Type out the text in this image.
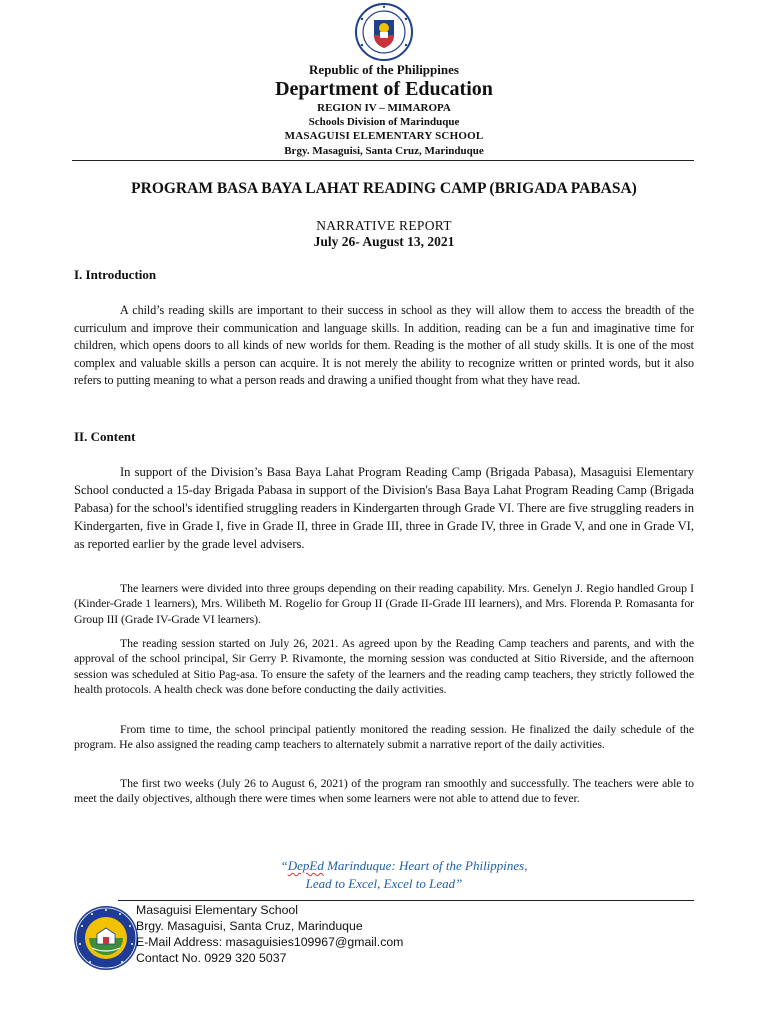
Republic of the Philippines
Department of Education
REGION IV – MIMAROPA
Schools Division of Marinduque
MASAGUISI ELEMENTARY SCHOOL
Brgy. Masaguisi, Santa Cruz, Marinduque
PROGRAM BASA BAYA LAHAT READING CAMP (BRIGADA PABASA)
NARRATIVE REPORT
July 26- August 13, 2021
I. Introduction

A child’s reading skills are important to their success in school as they will allow them to access the breadth of the curriculum and improve their communication and language skills. In addition, reading can be a fun and imaginative time for children, which opens doors to all kinds of new worlds for them. Reading is the mother of all study skills. It is one of the most complex and valuable skills a person can acquire. It is not merely the ability to recognize written or printed words, but it also refers to putting meaning to what a person reads and drawing a unified thought from what they have read.

II. Content

In support of the Division’s Basa Baya Lahat Program Reading Camp (Brigada Pabasa), Masaguisi Elementary School conducted a 15-day Brigada Pabasa in support of the Division's Basa Baya Lahat Program Reading Camp (Brigada Pabasa) for the school's identified struggling readers in Kindergarten through Grade VI. There are five struggling readers in Kindergarten, five in Grade I, five in Grade II, three in Grade III, three in Grade IV, three in Grade V, and one in Grade VI, as reported earlier by the grade level advisers.

The learners were divided into three groups depending on their reading capability. Mrs. Genelyn J. Regio handled Group I (Kinder-Grade 1 learners), Mrs. Wilibeth M. Rogelio for Group II (Grade II-Grade III learners), and Mrs. Florenda P. Romasanta for Group III (Grade IV-Grade VI learners).

The reading session started on July 26, 2021. As agreed upon by the Reading Camp teachers and parents, and with the approval of the school principal, Sir Gerry P. Rivamonte, the morning session was conducted at Sitio Riverside, and the afternoon session was scheduled at Sitio Pag-asa. To ensure the safety of the learners and the reading camp teachers, they strictly followed the health protocols. A health check was done before conducting the daily activities.

From time to time, the school principal patiently monitored the reading session. He finalized the daily schedule of the program. He also assigned the reading camp teachers to alternately submit a narrative report of the daily activities.

The first two weeks (July 26 to August 6, 2021) of the program ran smoothly and successfully. The teachers were able to meet the daily objectives, although there were times when some learners were not able to attend due to fever.

“DepEd Marinduque: Heart of the Philippines,
Lead to Excel, Excel to Lead”
Masaguisi Elementary School
Brgy. Masaguisi, Santa Cruz, Marinduque
E-Mail Address: masaguisies109967@gmail.com
Contact No. 0929 320 5037
